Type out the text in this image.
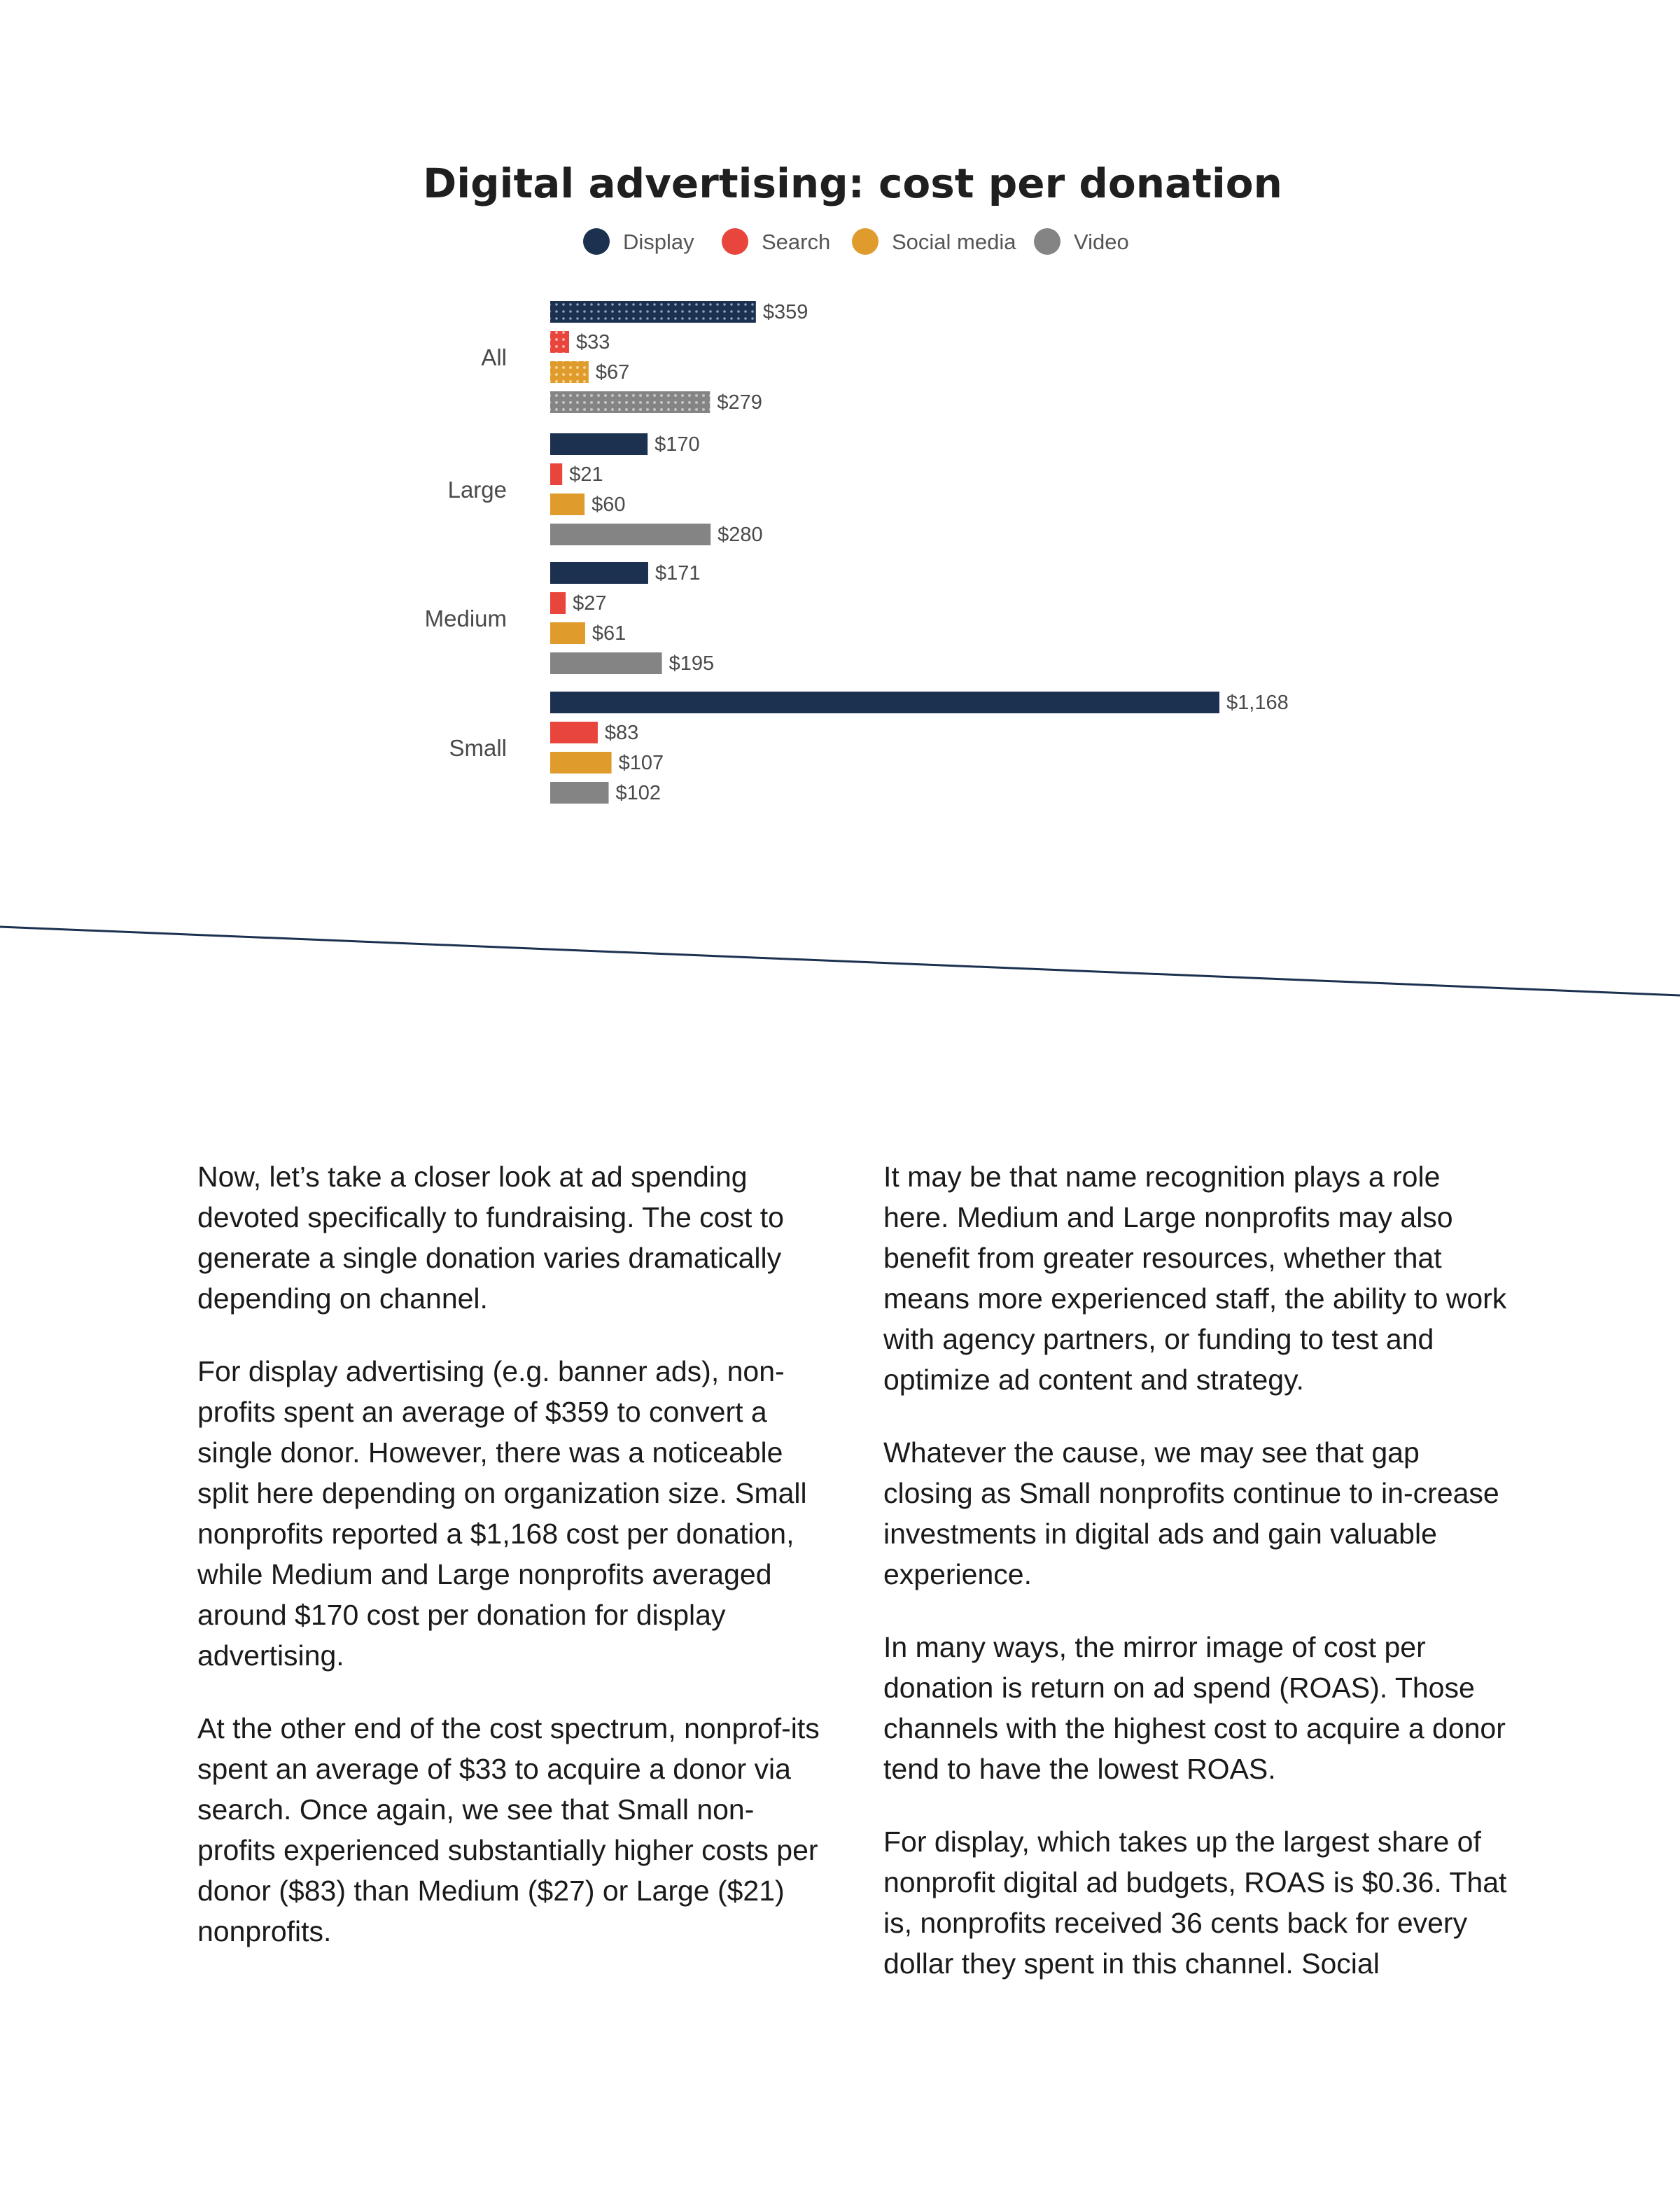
Digital advertising: cost per donation
Display	Search	Social media	Video
All
Large
Medium
Small
$359
$33
$67
$279
$170
$21
$60
$280
$171
$27
$61
$195
$1,168
$83
$107
$102

Now, let’s take a closer look at ad spending devoted specifically to fundraising. The cost to generate a single donation varies dramatically depending on channel.

For display advertising (e.g. banner ads), non-profits spent an average of $359 to convert a single donor. However, there was a noticeable split here depending on organization size. Small nonprofits reported a $1,168 cost per donation, while Medium and Large nonprofits averaged around $170 cost per donation for display advertising.

At the other end of the cost spectrum, nonprof-its spent an average of $33 to acquire a donor via search. Once again, we see that Small non-profits experienced substantially higher costs per donor ($83) than Medium ($27) or Large ($21) nonprofits.

It may be that name recognition plays a role here. Medium and Large nonprofits may also benefit from greater resources, whether that means more experienced staff, the ability to work with agency partners, or funding to test and optimize ad content and strategy.

Whatever the cause, we may see that gap closing as Small nonprofits continue to in-crease investments in digital ads and gain valuable experience.

In many ways, the mirror image of cost per donation is return on ad spend (ROAS). Those channels with the highest cost to acquire a donor tend to have the lowest ROAS.

For display, which takes up the largest share of nonprofit digital ad budgets, ROAS is $0.36. That is, nonprofits received 36 cents back for every dollar they spent in this channel. Social
